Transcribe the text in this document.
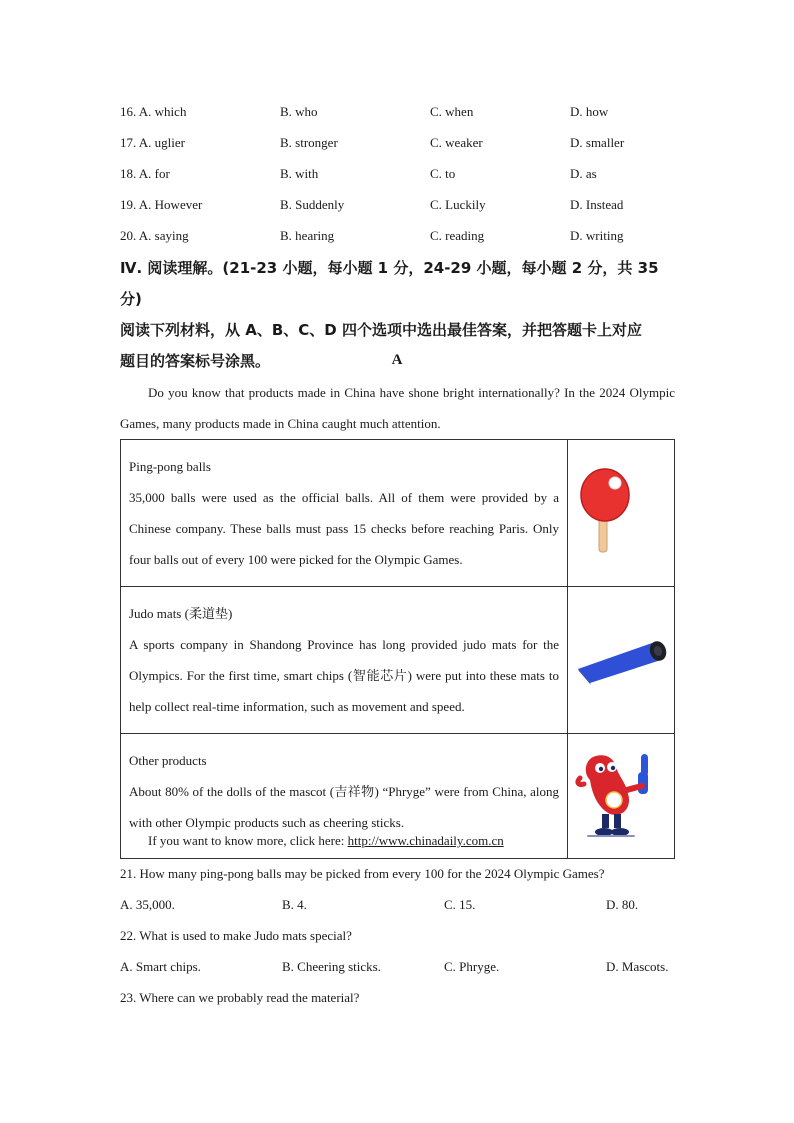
16. A. which	B. who	C. when	D. how
17. A. uglier	B. stronger	C. weaker	D. smaller
18. A. for	B. with	C. to	D. as
19. A. However	B. Suddenly	C. Luckily	D. Instead
20. A. saying	B. hearing	C. reading	D. writing
Ⅳ. 阅读理解。(21-23 小题，每小题 1 分，24-29 小题，每小题 2 分，共 35 分)
阅读下列材料，从 A、B、C、D 四个选项中选出最佳答案，并把答题卡上对应
题目的答案标号涂黑。	A
Do you know that products made in China have shone bright internationally? In the 2024 Olympic Games, many products made in China caught much attention.
Ping-pong balls
35,000 balls were used as the official balls. All of them were provided by a Chinese company. These balls must pass 15 checks before reaching Paris. Only four balls out of every 100 were picked for the Olympic Games.

Judo mats (柔道垫)
A sports company in Shandong Province has long provided judo mats for the Olympics. For the first time, smart chips (智能芯片) were put into these mats to help collect real-time information, such as movement and speed.

Other products
About 80% of the dolls of the mascot (吉祥物) “Phryge” were from China, along with other Olympic products such as cheering sticks.

If you want to know more, click here: http://www.chinadaily.com.cn
21. How many ping-pong balls may be picked from every 100 for the 2024 Olympic Games?
A. 35,000.	B. 4.	C. 15.	D. 80.
22. What is used to make Judo mats special?
A. Smart chips.	B. Cheering sticks.	C. Phryge.	D. Mascots.
23. Where can we probably read the material?
